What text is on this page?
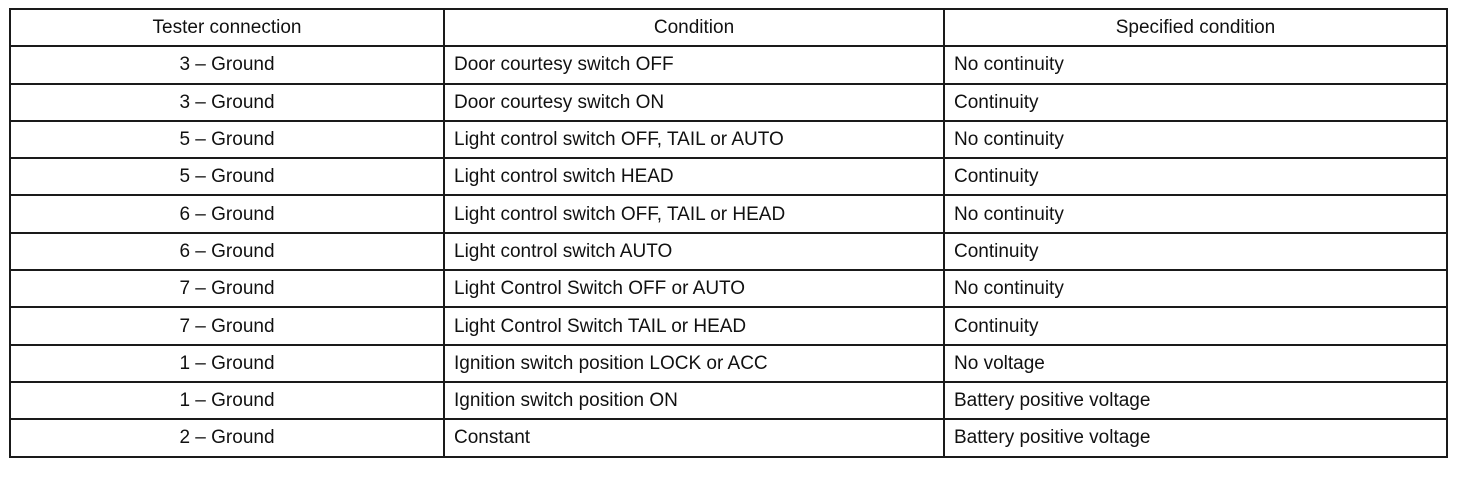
Tester connection	Condition	Specified condition
3 – Ground	Door courtesy switch OFF	No continuity
3 – Ground	Door courtesy switch ON	Continuity
5 – Ground	Light control switch OFF, TAIL or AUTO	No continuity
5 – Ground	Light control switch HEAD	Continuity
6 – Ground	Light control switch OFF, TAIL or HEAD	No continuity
6 – Ground	Light control switch AUTO	Continuity
7 – Ground	Light Control Switch OFF or AUTO	No continuity
7 – Ground	Light Control Switch TAIL or HEAD	Continuity
1 – Ground	Ignition switch position LOCK or ACC	No voltage
1 – Ground	Ignition switch position ON	Battery positive voltage
2 – Ground	Constant	Battery positive voltage
